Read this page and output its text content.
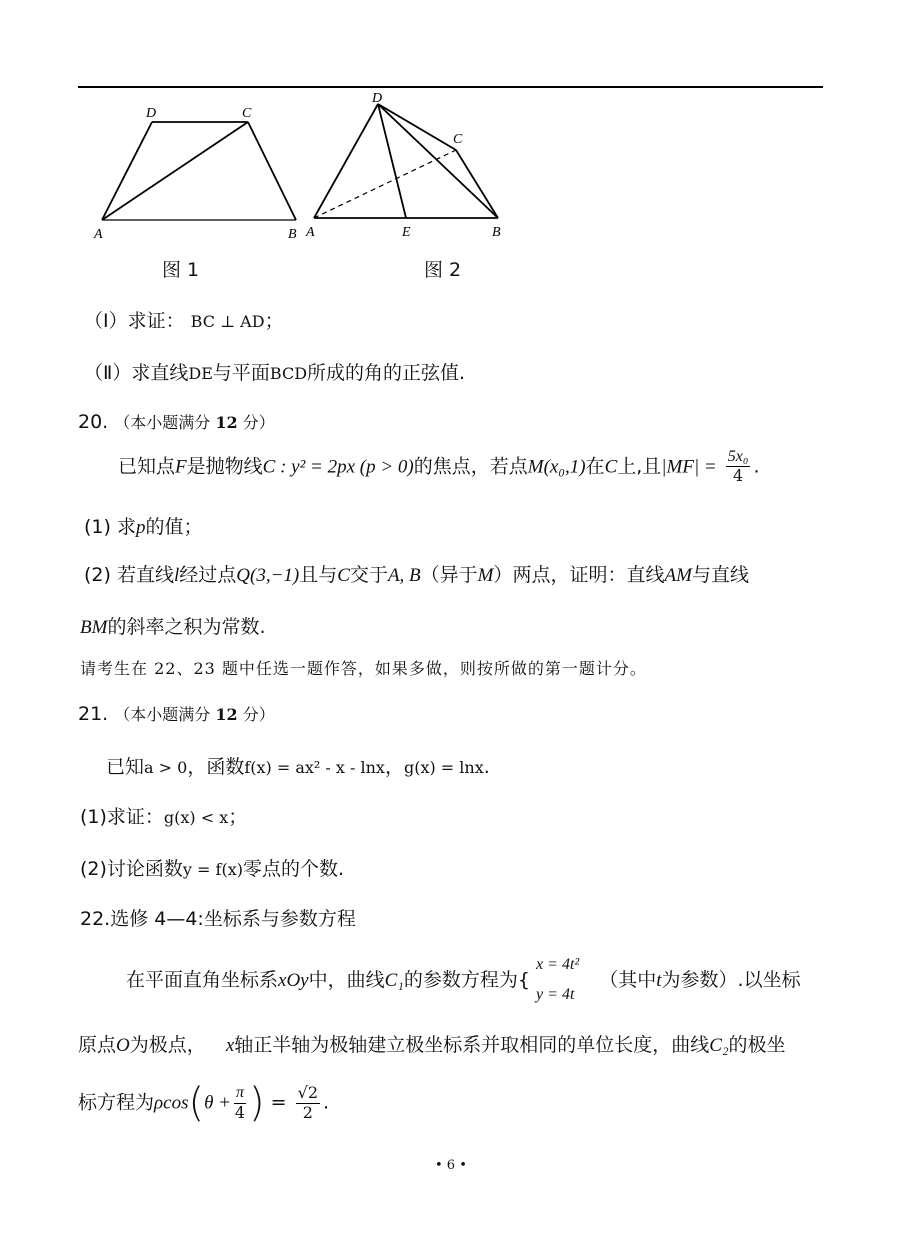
D	C
A	B
图 1
D
C
A	E	B
图 2
（Ⅰ）求证： BC ⊥ AD；
（Ⅱ）求直线DE与平面BCD所成的角的正弦值.
20. （本小题满分 12 分）
已知点F是抛物线C : y² = 2px (p > 0)的焦点，若点M(x₀,1)在C上,且$|MF| = \frac{\text{5x₀}}{4}$ .
(1) 求p的值；
(2) 若直线l经过点Q(3,−1)且与C交于A, B（异于M）两点，证明：直线AM与直线
BM的斜率之积为常数.
请考生在 22、23 题中任选一题作答，如果多做，则按所做的第一题计分。
21. （本小题满分 12 分）
已知a > 0，函数f(x) = ax² - x - lnx，g(x) = lnx.
(1)求证：g(x) < x；
(2)讨论函数y = f(x)零点的个数.
22.选修 4—4:坐标系与参数方程
在平面直角坐标系xOy中，曲线C₁的参数方程为{
x = 4t²
y = 4t
（其中t为参数）.以坐标
原点O为极点， x轴正半轴为极轴建立极坐标系并取相同的单位长度，曲线C₂的极坐
标方程为$\rho\cos(\theta + \frac{\pi}{4}$ ) = $\frac{√2}{2}$ .
• 6 •
